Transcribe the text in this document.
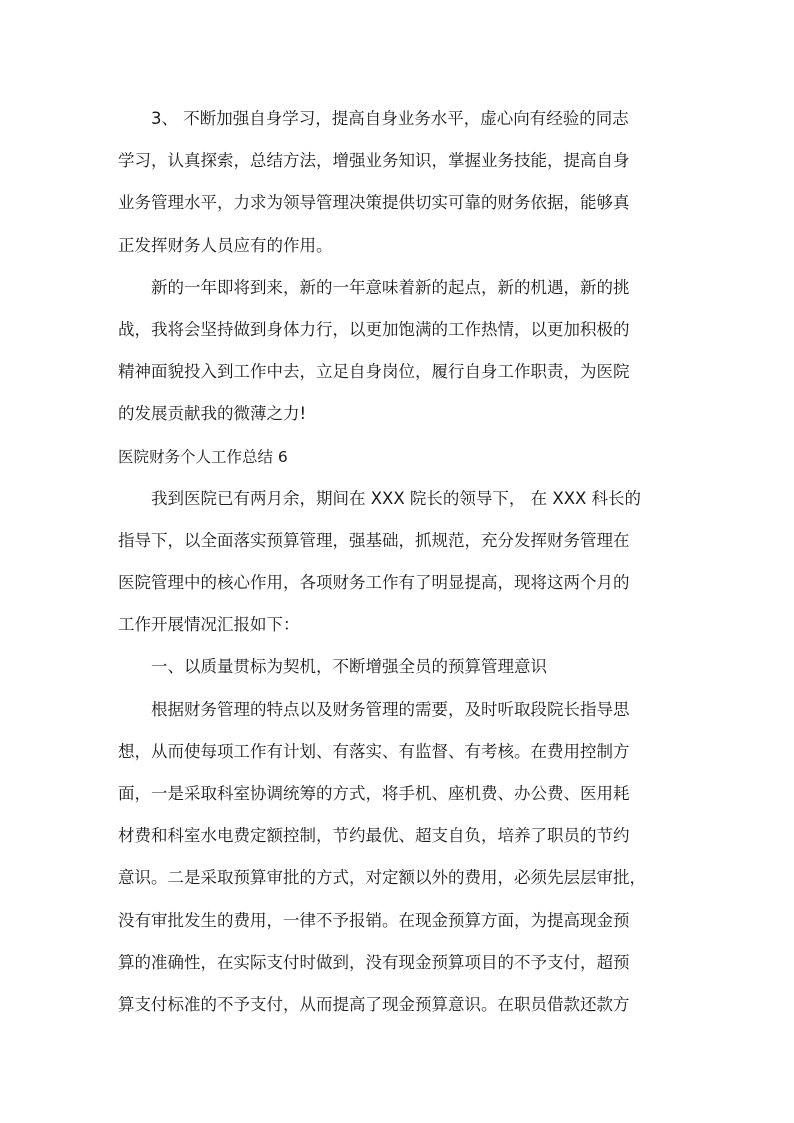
3、 不断加强自身学习，提高自身业务水平，虚心向有经验的同志
学习，认真探索，总结方法，增强业务知识，掌握业务技能，提高自身
业务管理水平，力求为领导管理决策提供切实可靠的财务依据，能够真
正发挥财务人员应有的作用。
新的一年即将到来，新的一年意味着新的起点，新的机遇，新的挑
战，我将会坚持做到身体力行，以更加饱满的工作热情，以更加积极的
精神面貌投入到工作中去，立足自身岗位，履行自身工作职责，为医院
的发展贡献我的微薄之力!
医院财务个人工作总结 6
我到医院已有两月余，期间在 XXX 院长的领导下， 在 XXX 科长的
指导下，以全面落实预算管理，强基础，抓规范，充分发挥财务管理在
医院管理中的核心作用，各项财务工作有了明显提高，现将这两个月的
工作开展情况汇报如下：
一、以质量贯标为契机，不断增强全员的预算管理意识
根据财务管理的特点以及财务管理的需要，及时听取段院长指导思
想，从而使每项工作有计划、有落实、有监督、有考核。在费用控制方
面，一是采取科室协调统筹的方式，将手机、座机费、办公费、医用耗
材费和科室水电费定额控制，节约最优、超支自负，培养了职员的节约
意识。二是采取预算审批的方式，对定额以外的费用，必须先层层审批，
没有审批发生的费用，一律不予报销。在现金预算方面，为提高现金预
算的准确性，在实际支付时做到，没有现金预算项目的不予支付，超预
算支付标准的不予支付，从而提高了现金预算意识。在职员借款还款方
